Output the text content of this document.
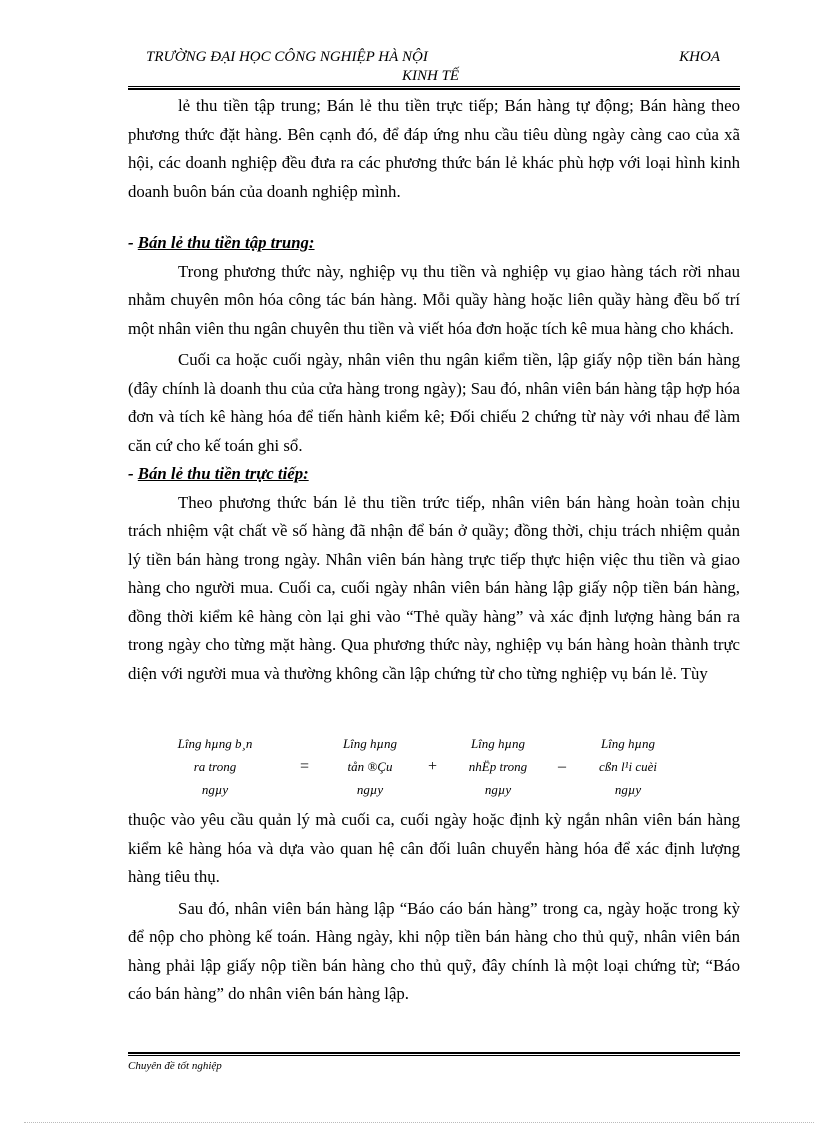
TRƯỜNG ĐẠI HỌC CÔNG NGHIỆP HÀ NỘI	KHOA
KINH TẾ

lẻ thu tiền tập trung; Bán lẻ thu tiền trực tiếp; Bán hàng tự động; Bán hàng theo phương thức đặt hàng. Bên cạnh đó, để đáp ứng nhu cầu tiêu dùng ngày càng cao của xã hội, các doanh nghiệp đều đưa ra các phương thức bán lẻ khác phù hợp với loại hình kinh doanh buôn bán của doanh nghiệp mình.

- Bán lẻ thu tiền tập trung:

Trong phương thức này, nghiệp vụ thu tiền và nghiệp vụ giao hàng tách rời nhau nhằm chuyên môn hóa công tác bán hàng. Mỗi quầy hàng hoặc liên quầy hàng đều bố trí một nhân viên thu ngân chuyên thu tiền và viết hóa đơn hoặc tích kê mua hàng cho khách.

Cuối ca hoặc cuối ngày, nhân viên thu ngân kiểm tiền, lập giấy nộp tiền bán hàng (đây chính là doanh thu của cửa hàng trong ngày); Sau đó, nhân viên bán hàng tập hợp hóa đơn và tích kê hàng hóa để tiến hành kiểm kê; Đối chiếu 2 chứng từ này với nhau để làm căn cứ cho kế toán ghi sổ.

- Bán lẻ thu tiền trực tiếp:

Theo phương thức bán lẻ thu tiền trức tiếp, nhân viên bán hàng hoàn toàn chịu trách nhiệm vật chất về số hàng đã nhận để bán ở quầy; đồng thời, chịu trách nhiệm quản lý tiền bán hàng trong ngày. Nhân viên bán hàng trực tiếp thực hiện việc thu tiền và giao hàng cho người mua. Cuối ca, cuối ngày nhân viên bán hàng lập giấy nộp tiền bán hàng, đồng thời kiểm kê hàng còn lại ghi vào “Thẻ quầy hàng” và xác định lượng hàng bán ra trong ngày cho từng mặt hàng. Qua phương thức này, nghiệp vụ bán hàng hoàn thành trực diện với người mua và thường không cần lập chứng từ cho từng nghiệp vụ bán lẻ. Tùy

Lîng hµng b¸n
ra trong
ngµy
=
Lîng hµng
tån ®Çu
ngµy
+
Lîng hµng
nhËp trong
ngµy
–
Lîng hµng
cßn l¹i cuèi
ngµy

thuộc vào yêu cầu quản lý mà cuối ca, cuối ngày hoặc định kỳ ngắn nhân viên bán hàng kiểm kê hàng hóa và dựa vào quan hệ cân đối luân chuyển hàng hóa để xác định lượng hàng tiêu thụ.

Sau đó, nhân viên bán hàng lập “Báo cáo bán hàng” trong ca, ngày hoặc trong kỳ để nộp cho phòng kế toán. Hàng ngày, khi nộp tiền bán hàng cho thủ quỹ, nhân viên bán hàng phải lập giấy nộp tiền bán hàng cho thủ quỹ, đây chính là một loại chứng từ; “Báo cáo bán hàng” do nhân viên bán hàng lập.

Chuyên đề tốt nghiệp
